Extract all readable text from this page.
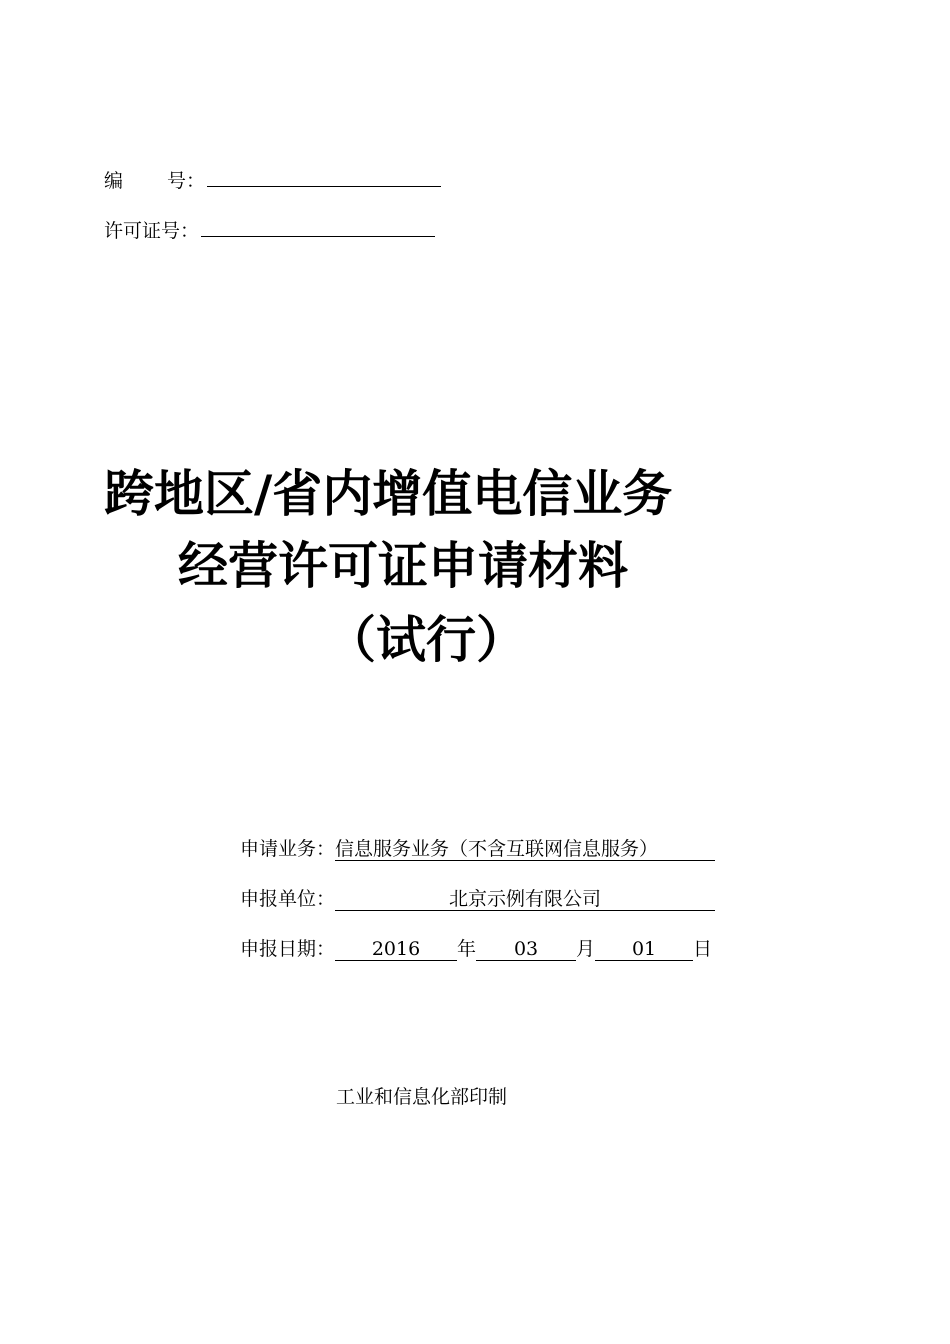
编 号：
许可证号：
跨地区/省内增值电信业务
经营许可证申请材料
（试行）
申请业务：信息服务业务（不含互联网信息服务）
申报单位：	北京示例有限公司
申报日期： 2016 年 03 月 01 日
工业和信息化部印制
